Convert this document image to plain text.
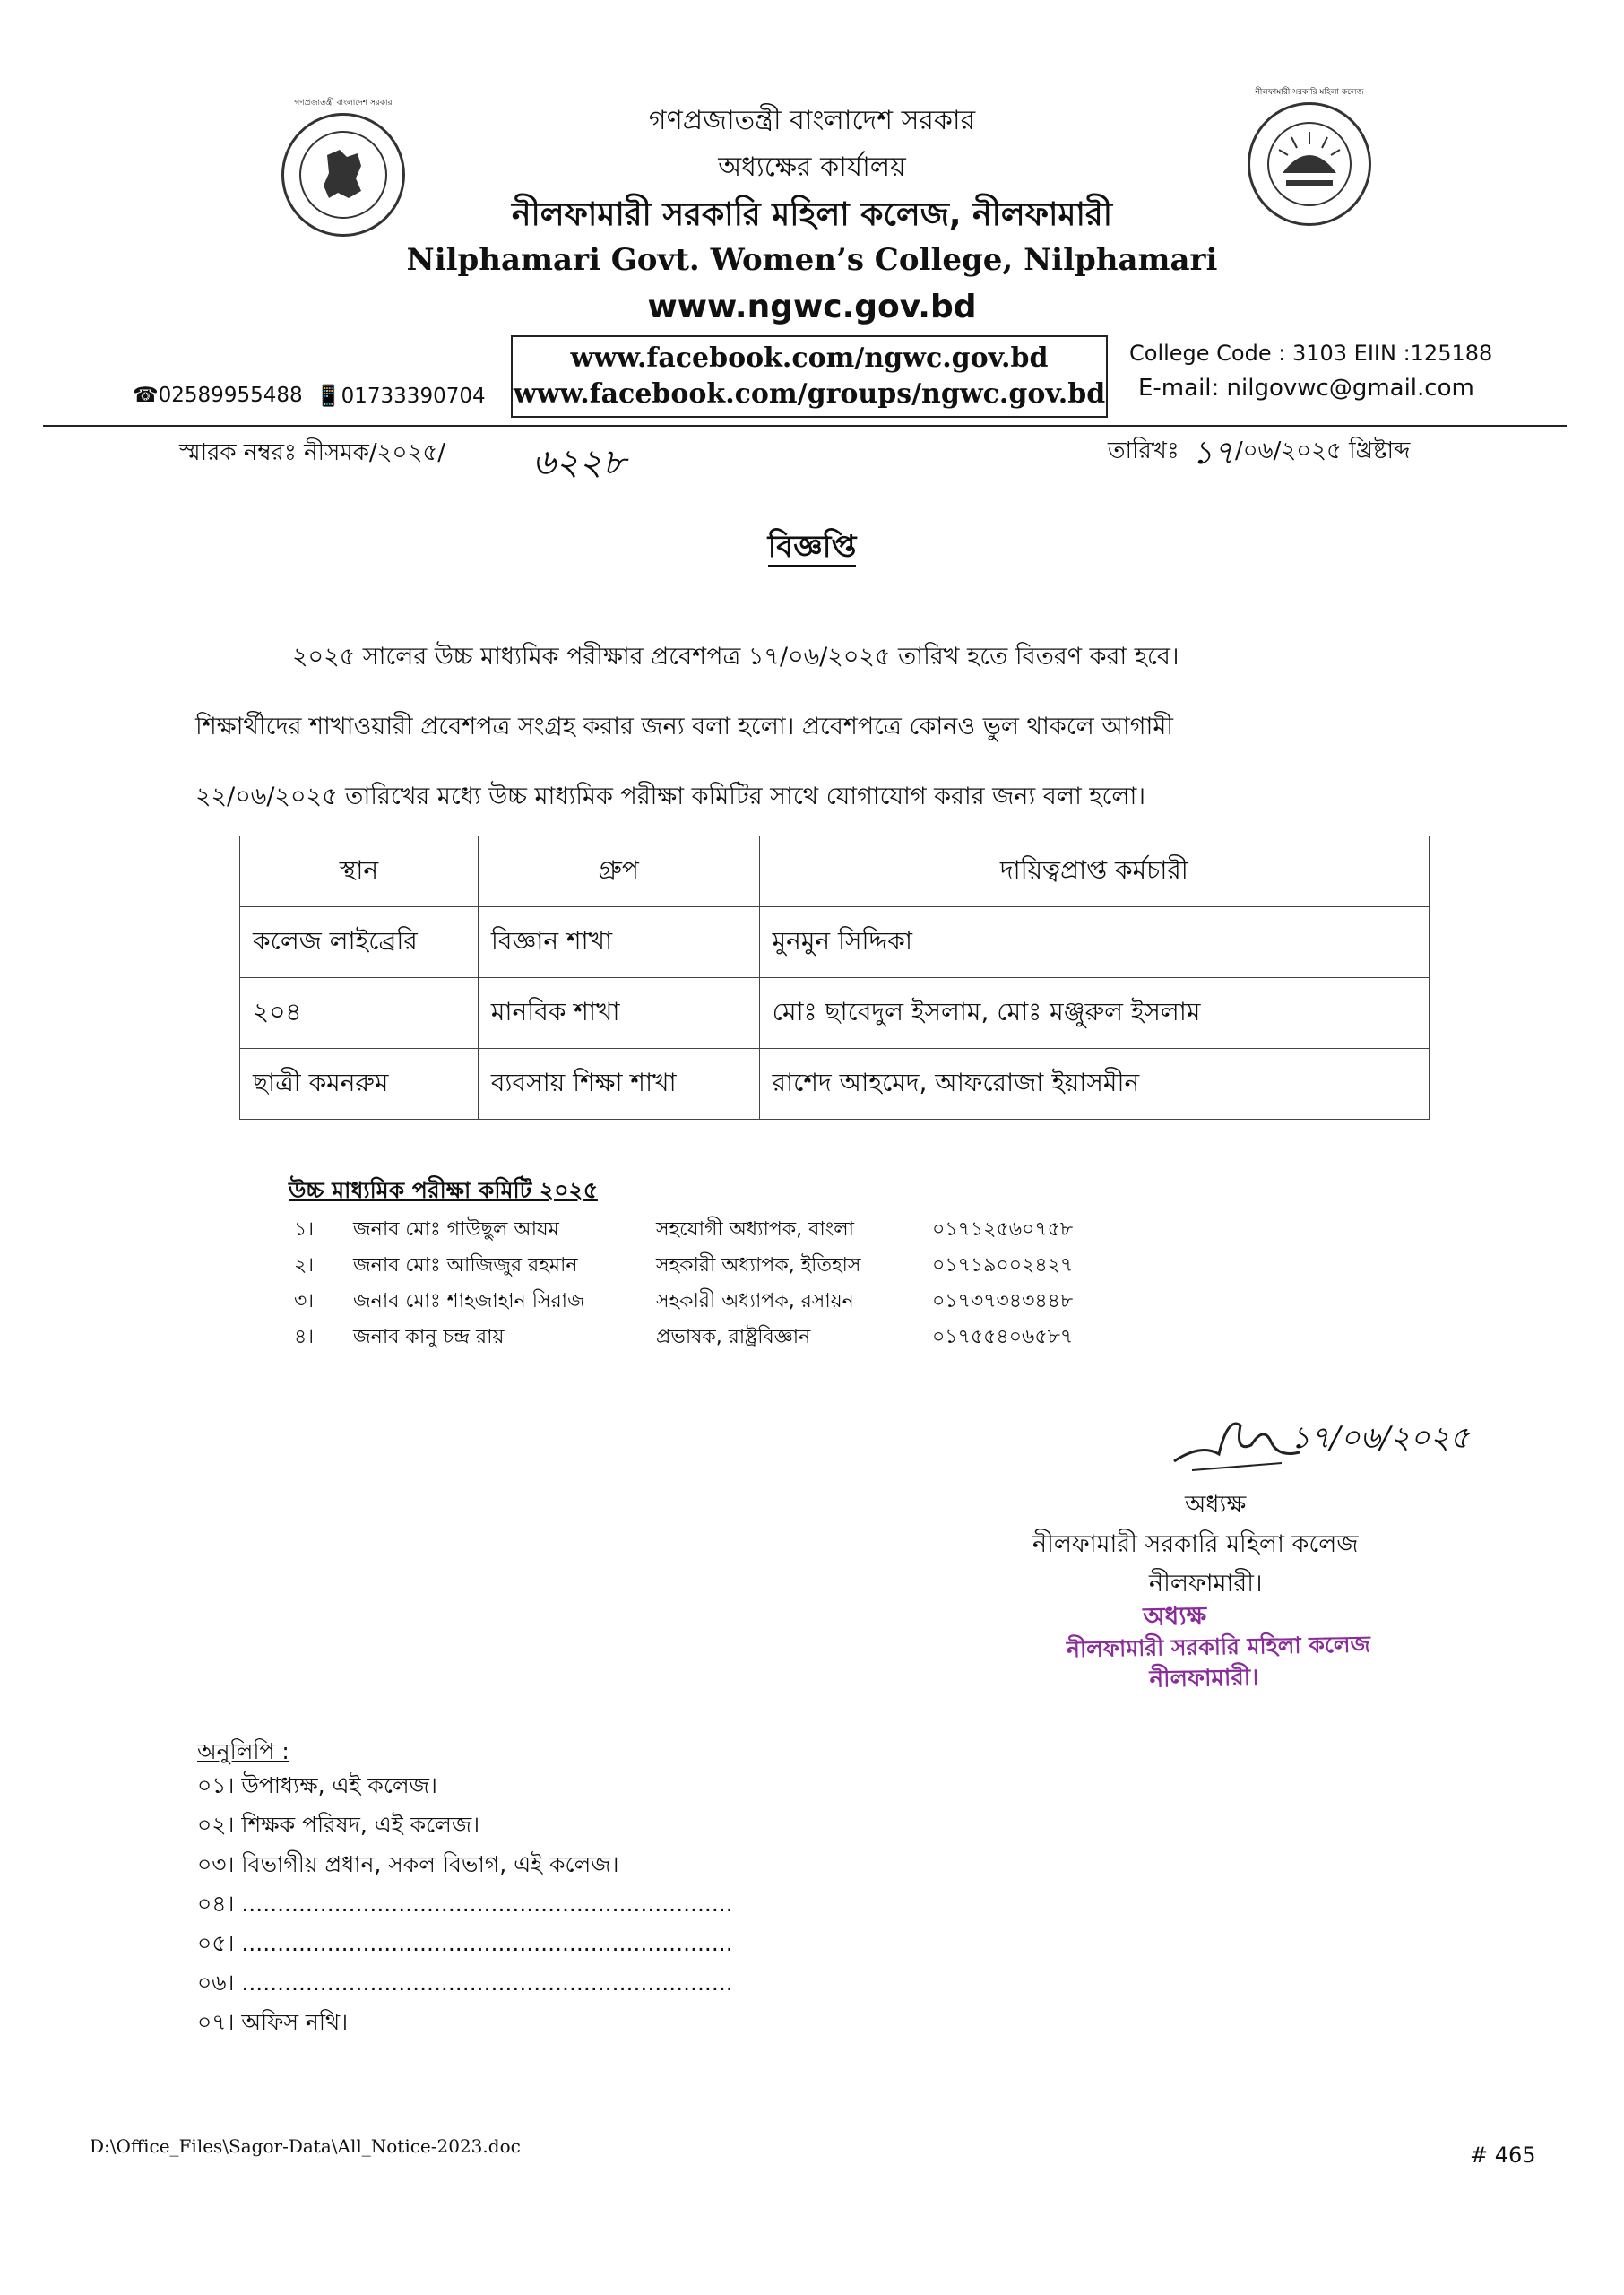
গণপ্রজাতন্ত্রী বাংলাদেশ সরকার
নীলফামারী সরকারি মহিলা কলেজ
গণপ্রজাতন্ত্রী বাংলাদেশ সরকার
অধ্যক্ষের কার্যালয়
নীলফামারী সরকারি মহিলা কলেজ, নীলফামারী
Nilphamari Govt. Women’s College, Nilphamari
www.ngwc.gov.bd
www.facebook.com/ngwc.gov.bd
www.facebook.com/groups/ngwc.gov.bd
☎02589955488 📱01733390704
College Code : 3103 EIIN :125188
E-mail: nilgovwc@gmail.com
স্মারক নম্বরঃ নীসমক/২০২৫/ ৬২২৮	তারিখঃ ১৭ /০৬/২০২৫ খ্রিষ্টাব্দ
বিজ্ঞপ্তি
২০২৫ সালের উচ্চ মাধ্যমিক পরীক্ষার প্রবেশপত্র ১৭/০৬/২০২৫ তারিখ হতে বিতরণ করা হবে।
শিক্ষার্থীদের শাখাওয়ারী প্রবেশপত্র সংগ্রহ করার জন্য বলা হলো। প্রবেশপত্রে কোনও ভুল থাকলে আগামী
২২/০৬/২০২৫ তারিখের মধ্যে উচ্চ মাধ্যমিক পরীক্ষা কমিটির সাথে যোগাযোগ করার জন্য বলা হলো।
স্থান	গ্রুপ	দায়িত্বপ্রাপ্ত কর্মচারী
কলেজ লাইব্রেরি	বিজ্ঞান শাখা	মুনমুন সিদ্দিকা
২০৪	মানবিক শাখা	মোঃ ছাবেদুল ইসলাম, মোঃ মঞ্জুরুল ইসলাম
ছাত্রী কমনরুম	ব্যবসায় শিক্ষা শাখা	রাশেদ আহমেদ, আফরোজা ইয়াসমীন
উচ্চ মাধ্যমিক পরীক্ষা কমিটি ২০২৫
১। জনাব মোঃ গাউছুল আযম	সহযোগী অধ্যাপক, বাংলা	০১৭১২৫৬০৭৫৮
২। জনাব মোঃ আজিজুর রহমান	সহকারী অধ্যাপক, ইতিহাস	০১৭১৯০০২৪২৭
৩। জনাব মোঃ শাহজাহান সিরাজ	সহকারী অধ্যাপক, রসায়ন	০১৭৩৭৩৪৩৪৪৮
৪। জনাব কানু চন্দ্র রায়	প্রভাষক, রাষ্ট্রবিজ্ঞান	০১৭৫৫৪০৬৫৮৭
১৭/০৬/২০২৫
অধ্যক্ষ
নীলফামারী সরকারি মহিলা কলেজ
নীলফামারী।
অধ্যক্ষ
নীলফামারী সরকারি মহিলা কলেজ
নীলফামারী।
অনুলিপি :
০১। উপাধ্যক্ষ, এই কলেজ।
০২। শিক্ষক পরিষদ, এই কলেজ।
০৩। বিভাগীয় প্রধান, সকল বিভাগ, এই কলেজ।
০৪। .....................................................................
০৫। .....................................................................
০৬। .....................................................................
০৭। অফিস নথি।
D:\Office_Files\Sagor-Data\All_Notice-2023.doc	# 465
